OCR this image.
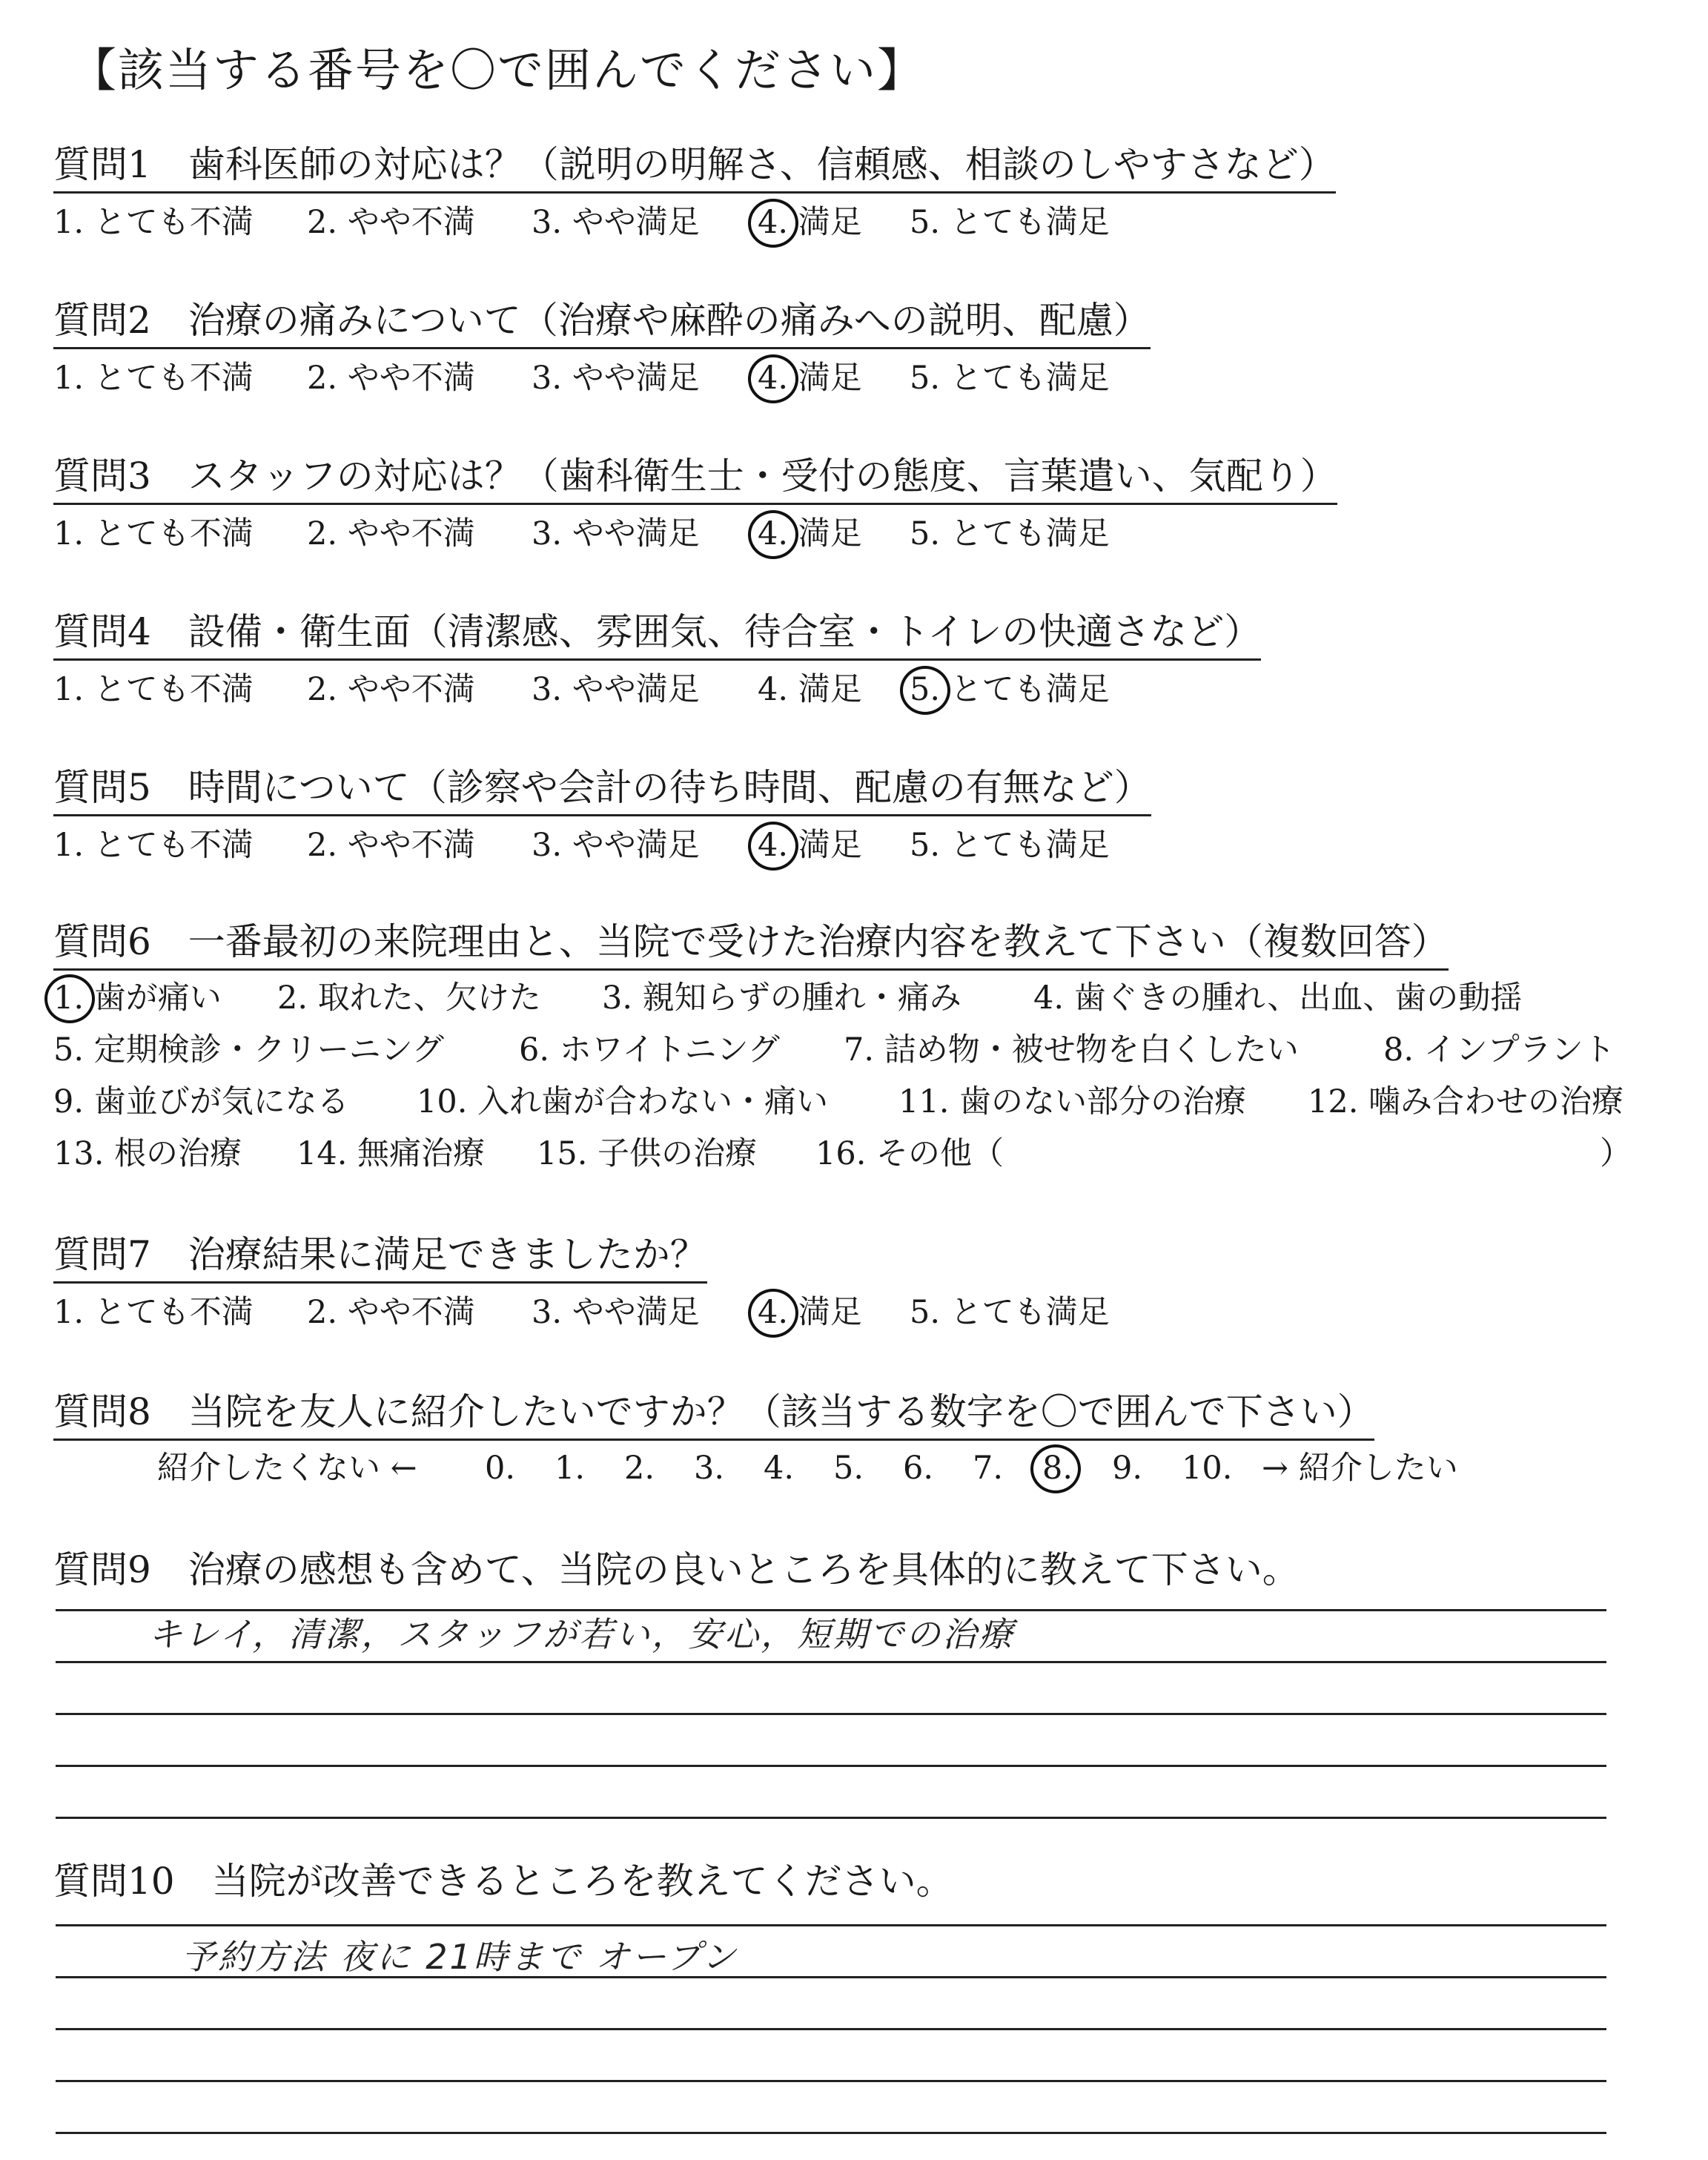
【該当する番号を〇で囲んでください】
質問1　歯科医師の対応は？（説明の明解さ、信頼感、相談のしやすさなど）
1. とても不満 2. やや不満 3. やや満足 4. 満足 5. とても満足
質問2　治療の痛みについて（治療や麻酔の痛みへの説明、配慮）
1. とても不満 2. やや不満 3. やや満足 4. 満足 5. とても満足
質問3　スタッフの対応は？（歯科衛生士・受付の態度、言葉遣い、気配り）
1. とても不満 2. やや不満 3. やや満足 4. 満足 5. とても満足
質問4　設備・衛生面（清潔感、雰囲気、待合室・トイレの快適さなど）
1. とても不満 2. やや不満 3. やや満足 4. 満足 5. とても満足
質問5　時間について（診察や会計の待ち時間、配慮の有無など）
1. とても不満 2. やや不満 3. やや満足 4. 満足 5. とても満足
質問6　一番最初の来院理由と、当院で受けた治療内容を教えて下さい（複数回答）
1. 歯が痛い 2. 取れた、欠けた 3. 親知らずの腫れ・痛み 4. 歯ぐきの腫れ、出血、歯の動揺
5. 定期検診・クリーニング 6. ホワイトニング 7. 詰め物・被せ物を白くしたい	8. インプラント
9. 歯並びが気になる 10. 入れ歯が合わない・痛い 11. 歯のない部分の治療 12. 噛み合わせの治療
13. 根の治療 14. 無痛治療 15. 子供の治療 16. その他（	）
質問7　治療結果に満足できましたか？
1. とても不満 2. やや不満 3. やや満足 4. 満足 5. とても満足
質問8　当院を友人に紹介したいですか？（該当する数字を〇で囲んで下さい）
紹介したくない ← 0. 1. 2. 3. 4. 5. 6. 7. 8. 9. 10. → 紹介したい
質問9　治療の感想も含めて、当院の良いところを具体的に教えて下さい。
キレイ，清潔，スタッフが若い，安心，短期での治療
質問10　当院が改善できるところを教えてください。
予約方法 夜に 21時まで オープン
